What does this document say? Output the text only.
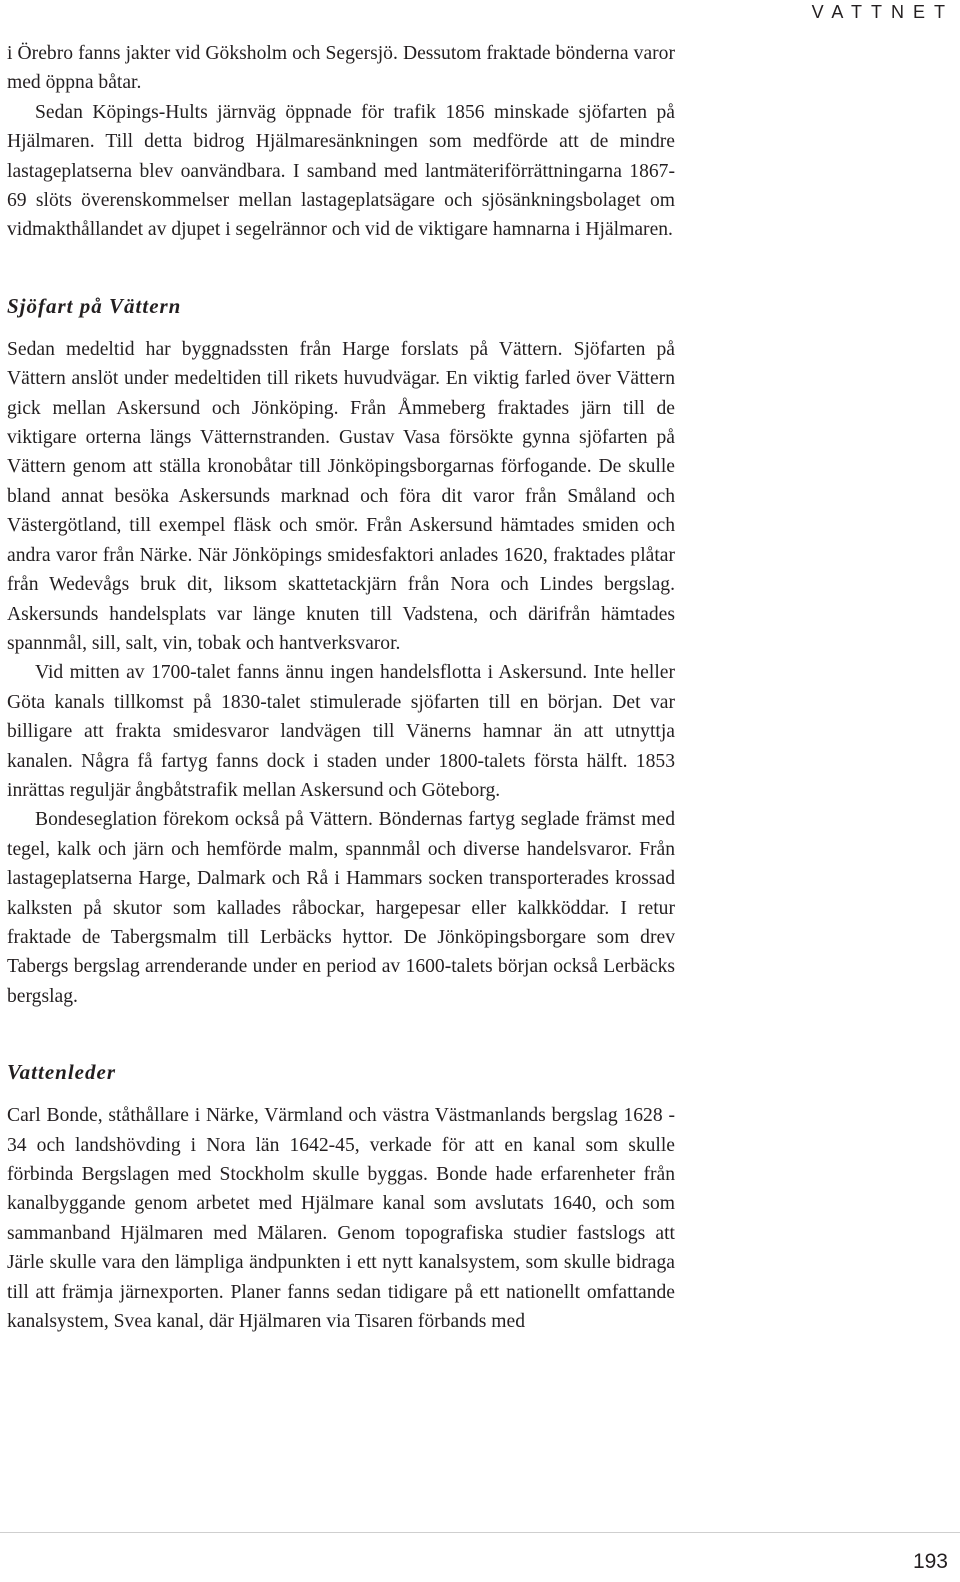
VATTNET

i Örebro fanns jakter vid Göksholm och Segersjö. Dessutom fraktade bönderna varor med öppna båtar.

Sedan Köpings-Hults järnväg öppnade för trafik 1856 minskade sjöfarten på Hjälmaren. Till detta bidrog Hjälmaresänkningen som medförde att de mindre lastageplatserna blev oanvändbara. I samband med lantmäteriförrättningarna 1867-69 slöts överenskommelser mellan lastageplatsägare och sjösänkningsbolaget om vidmakthållandet av djupet i segelrännor och vid de viktigare hamnarna i Hjälmaren.

Sjöfart på Vättern

Sedan medeltid har byggnadssten från Harge forslats på Vättern. Sjöfarten på Vättern anslöt under medeltiden till rikets huvudvägar. En viktig farled över Vättern gick mellan Askersund och Jönköping. Från Åmmeberg fraktades järn till de viktigare orterna längs Vätternstranden. Gustav Vasa försökte gynna sjöfarten på Vättern genom att ställa kronobåtar till Jönköpingsborgarnas förfogande. De skulle bland annat besöka Askersunds marknad och föra dit varor från Småland och Västergötland, till exempel fläsk och smör. Från Askersund hämtades smiden och andra varor från Närke. När Jönköpings smidesfaktori anlades 1620, fraktades plåtar från Wedevågs bruk dit, liksom skattetackjärn från Nora och Lindes bergslag. Askersunds handelsplats var länge knuten till Vadstena, och därifrån hämtades spannmål, sill, salt, vin, tobak och hantverksvaror.

Vid mitten av 1700-talet fanns ännu ingen handelsflotta i Askersund. Inte heller Göta kanals tillkomst på 1830-talet stimulerade sjöfarten till en början. Det var billigare att frakta smidesvaror landvägen till Vänerns hamnar än att utnyttja kanalen. Några få fartyg fanns dock i staden under 1800-talets första hälft. 1853 inrättas reguljär ångbåtstrafik mellan Askersund och Göteborg.

Bondeseglation förekom också på Vättern. Böndernas fartyg seglade främst med tegel, kalk och järn och hemförde malm, spannmål och diverse handelsvaror. Från lastageplatserna Harge, Dalmark och Rå i Hammars socken transporterades krossad kalksten på skutor som kallades råbockar, hargepesar eller kalkköddar. I retur fraktade de Tabergsmalm till Lerbäcks hyttor. De Jönköpingsborgare som drev Tabergs bergslag arrenderande under en period av 1600-talets början också Lerbäcks bergslag.

Vattenleder

Carl Bonde, ståthållare i Närke, Värmland och västra Västmanlands bergslag 1628 - 34 och landshövding i Nora län 1642-45, verkade för att en kanal som skulle förbinda Bergslagen med Stockholm skulle byggas. Bonde hade erfarenheter från kanalbyggande genom arbetet med Hjälmare kanal som avslutats 1640, och som sammanband Hjälmaren med Mälaren. Genom topografiska studier fastslogs att Järle skulle vara den lämpliga ändpunkten i ett nytt kanalsystem, som skulle bidraga till att främja järnexporten. Planer fanns sedan tidigare på ett nationellt omfattande kanalsystem, Svea kanal, där Hjälmaren via Tisaren förbands med

193
